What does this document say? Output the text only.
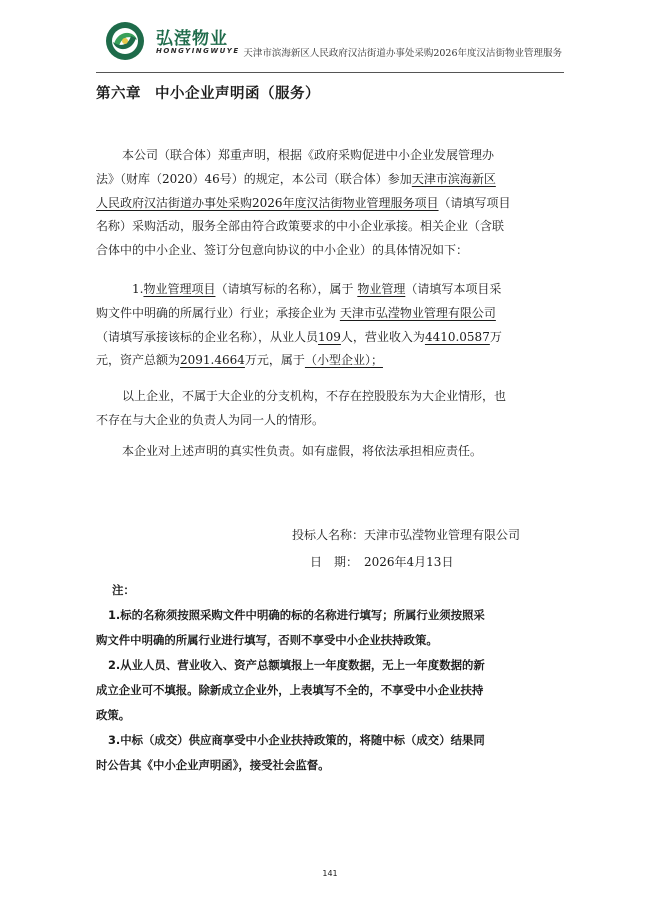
弘滢物业
HONGYINGWUYE 天津市滨海新区人民政府汉沽街道办事处采购2026年度汉沽街物业管理服务
第六章 中小企业声明函（服务）
本公司（联合体）郑重声明，根据《政府采购促进中小企业发展管理办
法》（财库（2020）46号）的规定，本公司（联合体）参加天津市滨海新区
人民政府汉沽街道办事处采购2026年度汉沽街物业管理服务项目（请填写项目
名称）采购活动，服务全部由符合政策要求的中小企业承接。相关企业（含联
合体中的中小企业、签订分包意向协议的中小企业）的具体情况如下：
1.物业管理项目（请填写标的名称），属于 物业管理（请填写本项目采
购文件中明确的所属行业）行业；承接企业为 天津市弘滢物业管理有限公司
（请填写承接该标的企业名称），从业人员109人，营业收入为4410.0587万
元，资产总额为2091.4664万元，属于（小型企业）；
以上企业，不属于大企业的分支机构，不存在控股股东为大企业情形，也
不存在与大企业的负责人为同一人的情形。
本企业对上述声明的真实性负责。如有虚假，将依法承担相应责任。
投标人名称：天津市弘滢物业管理有限公司
日　期： 2026年4月13日
注：
1.标的名称须按照采购文件中明确的标的名称进行填写；所属行业须按照采
购文件中明确的所属行业进行填写，否则不享受中小企业扶持政策。
2.从业人员、营业收入、资产总额填报上一年度数据，无上一年度数据的新
成立企业可不填报。除新成立企业外，上表填写不全的，不享受中小企业扶持
政策。
3.中标（成交）供应商享受中小企业扶持政策的，将随中标（成交）结果同
时公告其《中小企业声明函》，接受社会监督。
141
